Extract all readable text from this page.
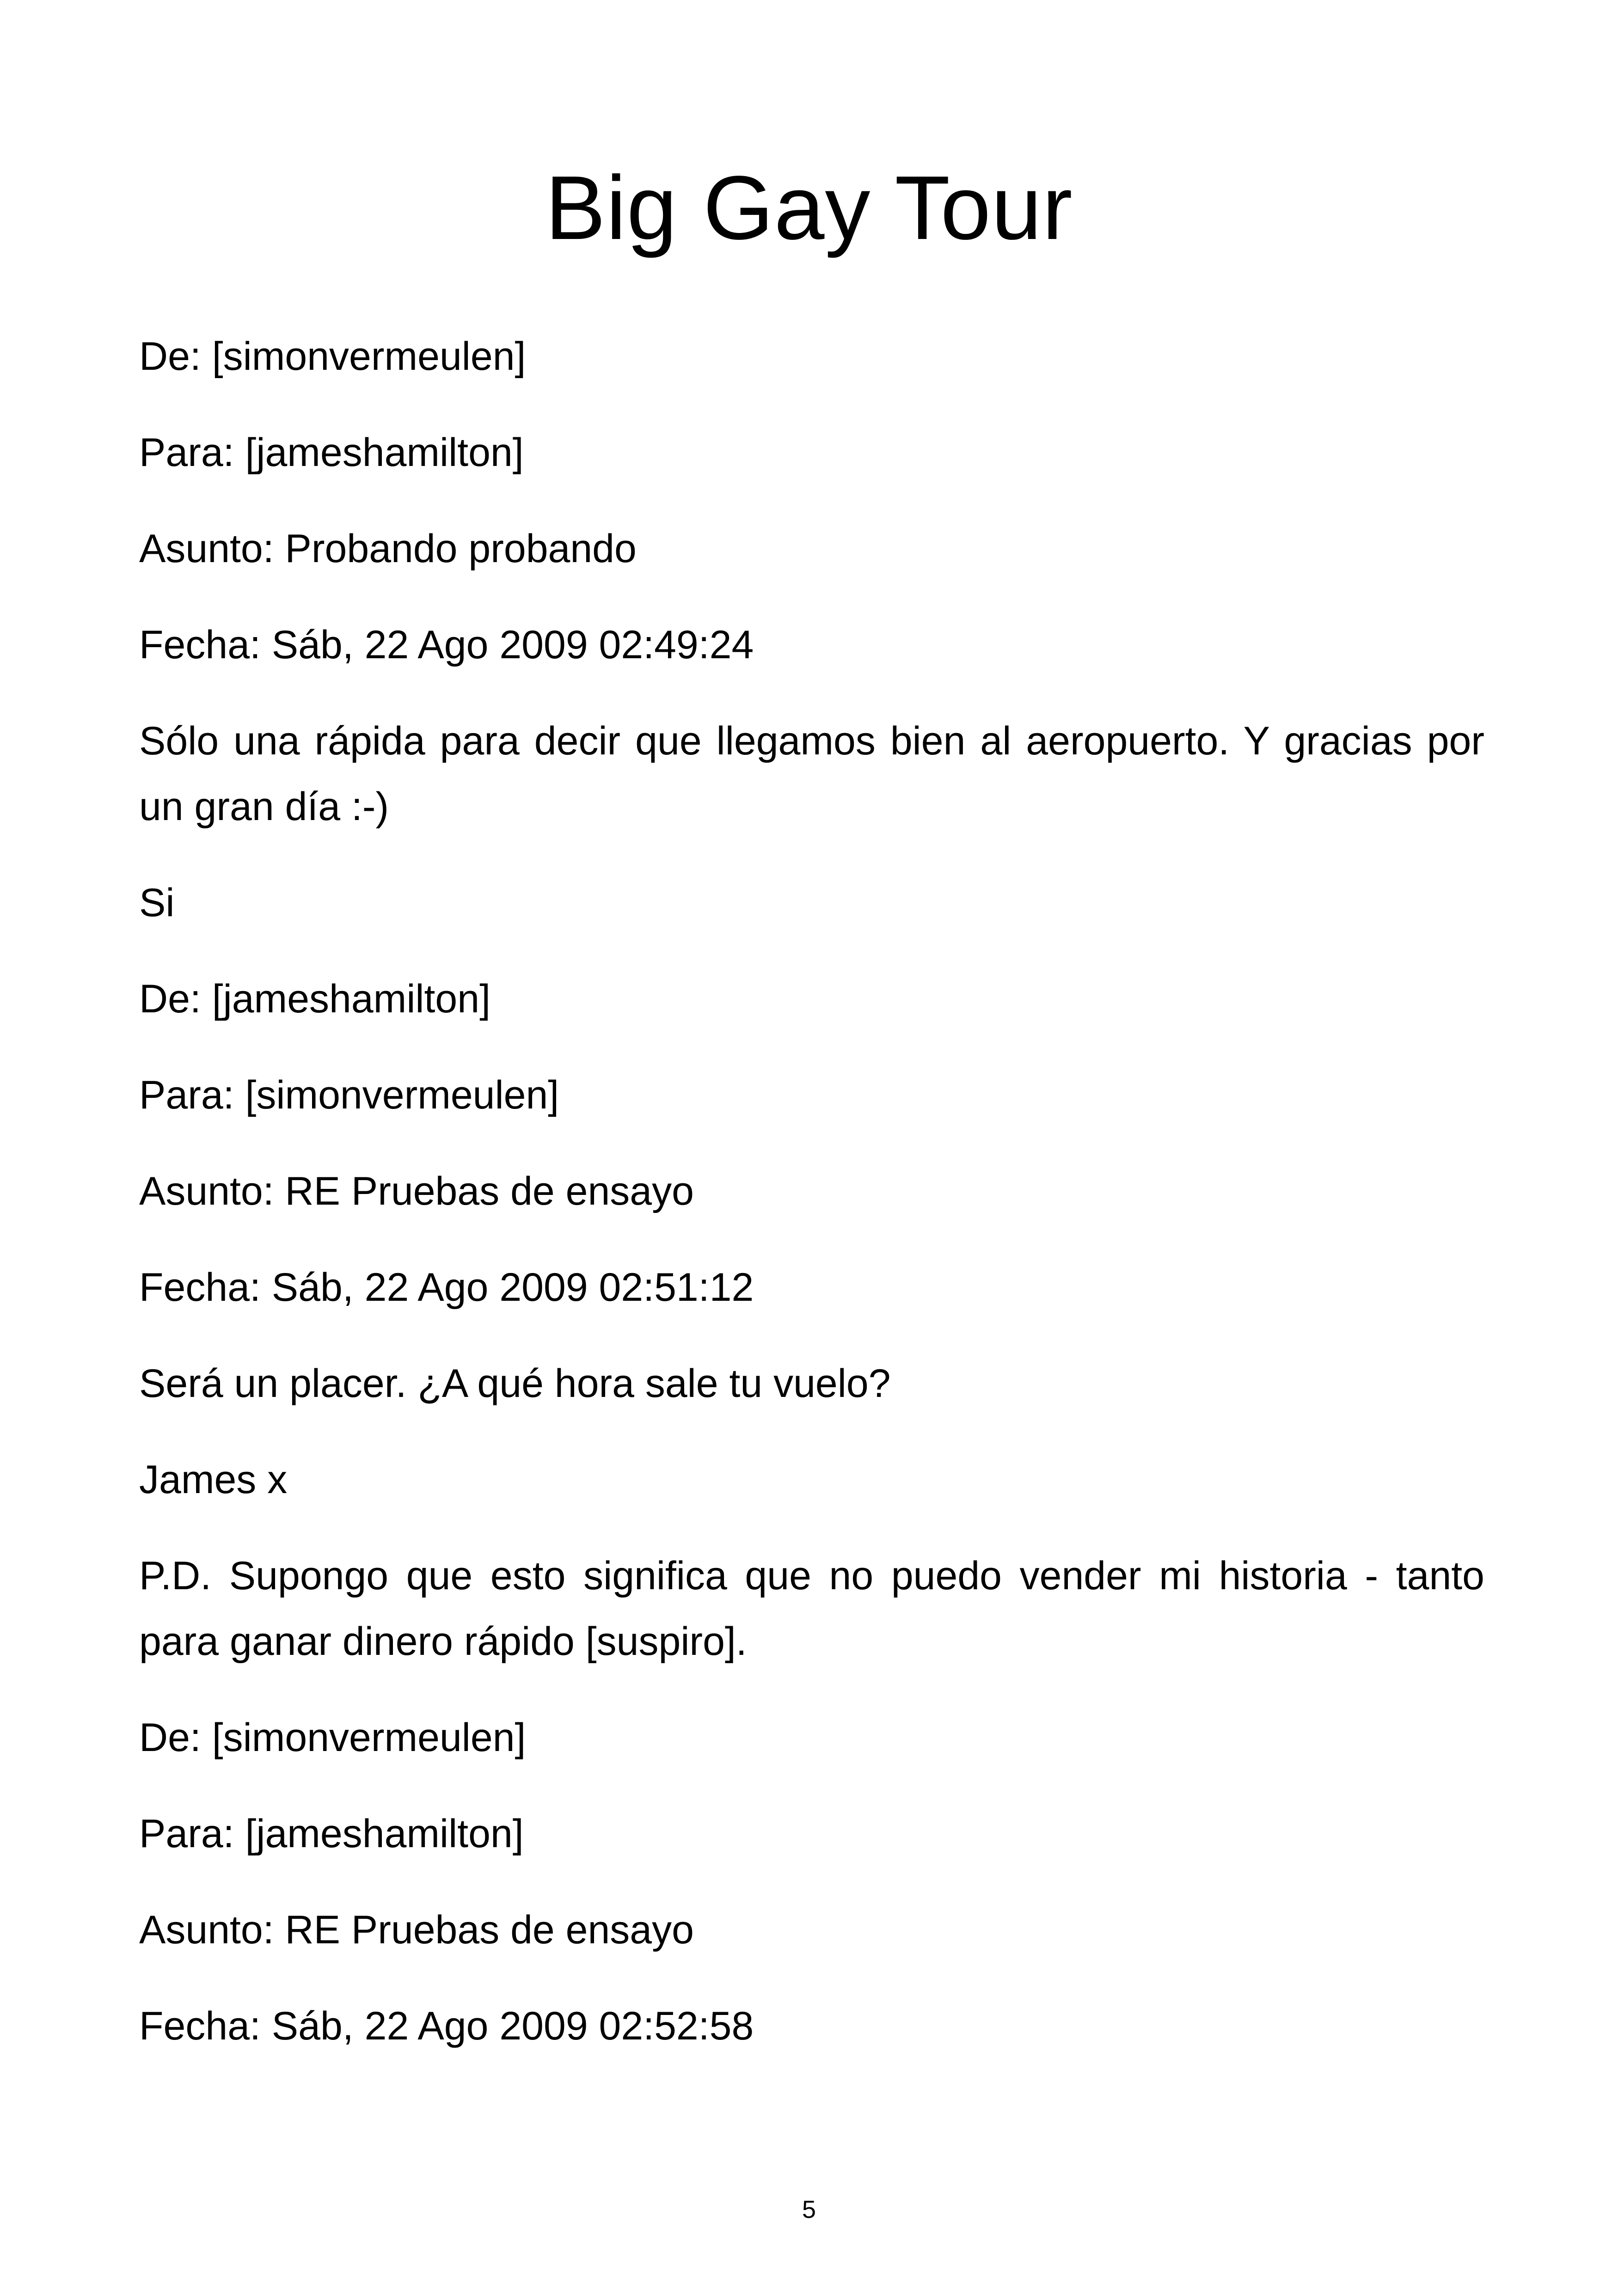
Big Gay Tour

De: [simonvermeulen]

Para: [jameshamilton]

Asunto: Probando probando

Fecha: Sáb, 22 Ago 2009 02:49:24

Sólo una rápida para decir que llegamos bien al aeropuerto. Y gracias por un gran día :-)

Si

De: [jameshamilton]

Para: [simonvermeulen]

Asunto: RE Pruebas de ensayo

Fecha: Sáb, 22 Ago 2009 02:51:12

Será un placer. ¿A qué hora sale tu vuelo?

James x

P.D. Supongo que esto significa que no puedo vender mi historia - tanto para ganar dinero rápido [suspiro].

De: [simonvermeulen]

Para: [jameshamilton]

Asunto: RE Pruebas de ensayo

Fecha: Sáb, 22 Ago 2009 02:52:58

5
